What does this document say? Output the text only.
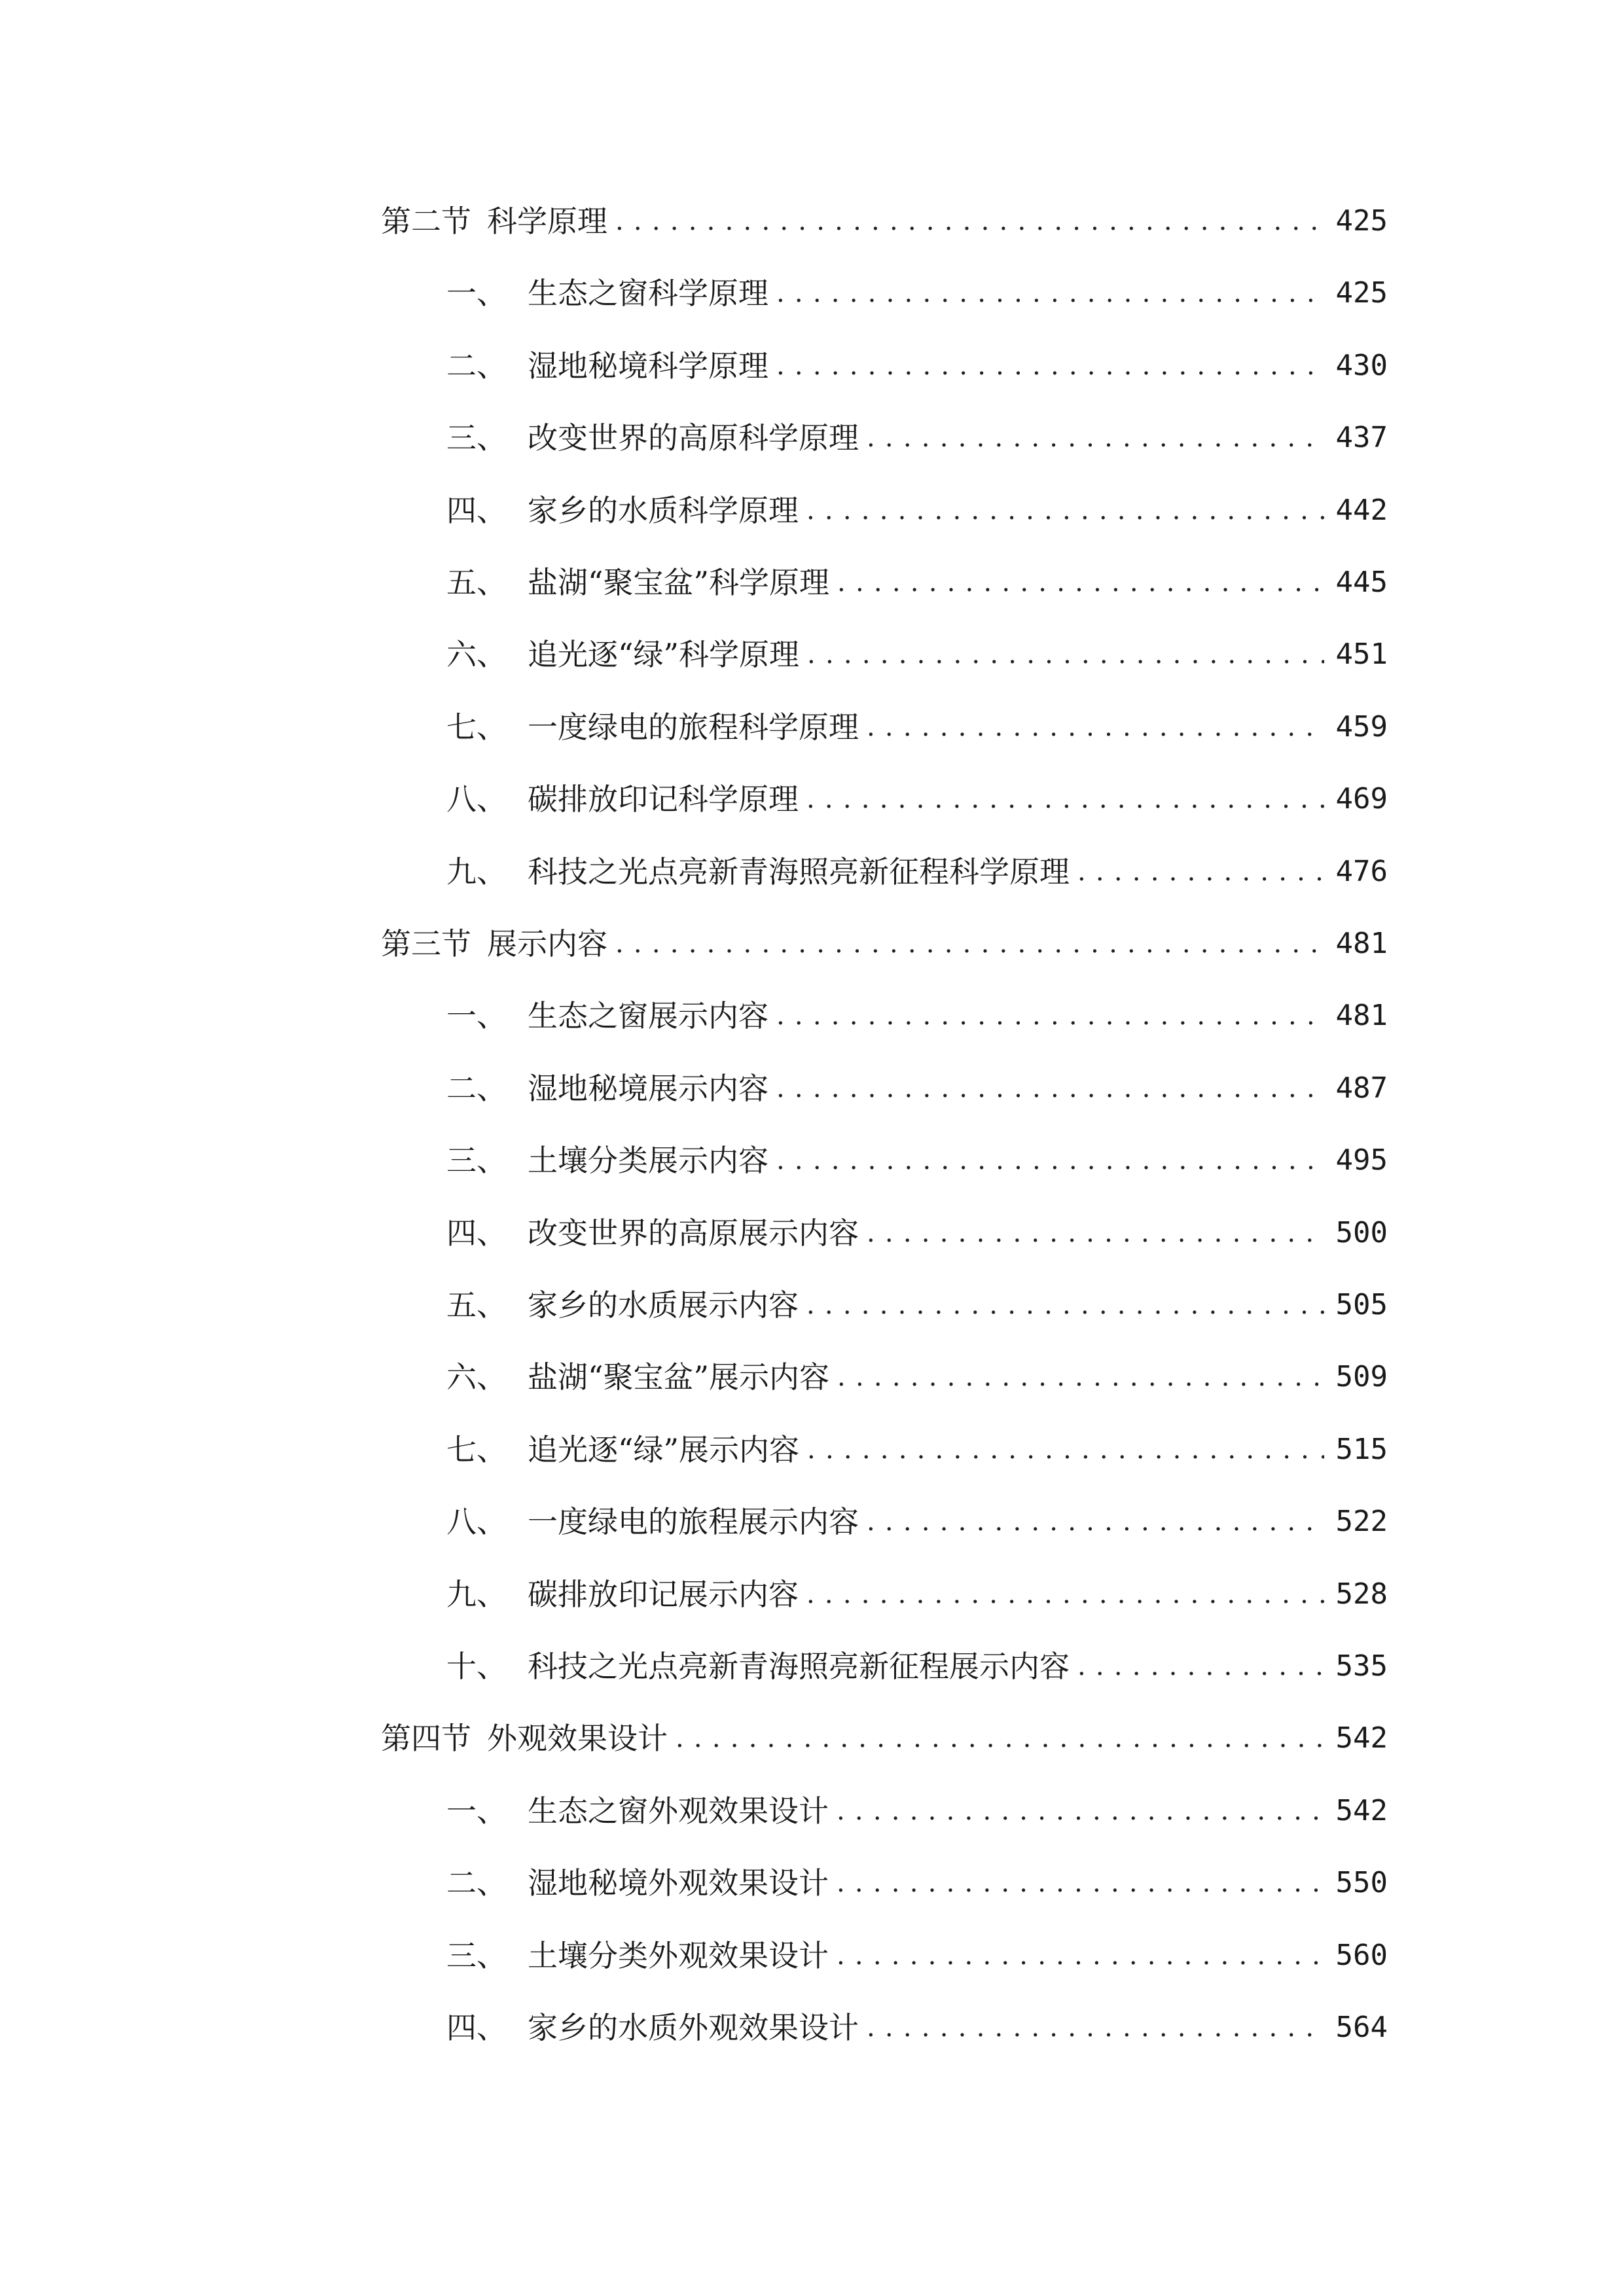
第二节 科学原理 . . .	425
一、 生态之窗科学原理 . . .	425
二、 湿地秘境科学原理 . . .	430
三、 改变世界的高原科学原理 . . .	437
四、 家乡的水质科学原理 . . .	442
五、 盐湖“聚宝盆”科学原理 . . .	445
六、 追光逐“绿”科学原理 . . .	451
七、 一度绿电的旅程科学原理 . . .	459
八、 碳排放印记科学原理 . . .	469
九、 科技之光点亮新青海照亮新征程科学原理 . . .	476
第三节 展示内容 . . .	481
一、 生态之窗展示内容 . . .	481
二、 湿地秘境展示内容 . . .	487
三、 土壤分类展示内容 . . .	495
四、 改变世界的高原展示内容 . . .	500
五、 家乡的水质展示内容 . . .	505
六、 盐湖“聚宝盆”展示内容 . . .	509
七、 追光逐“绿”展示内容 . . .	515
八、 一度绿电的旅程展示内容 . . .	522
九、 碳排放印记展示内容 . . .	528
十、 科技之光点亮新青海照亮新征程展示内容 . . .	535
第四节 外观效果设计 . . .	542
一、 生态之窗外观效果设计 . . .	542
二、 湿地秘境外观效果设计 . . .	550
三、 土壤分类外观效果设计 . . .	560
四、 家乡的水质外观效果设计 . . .	564
